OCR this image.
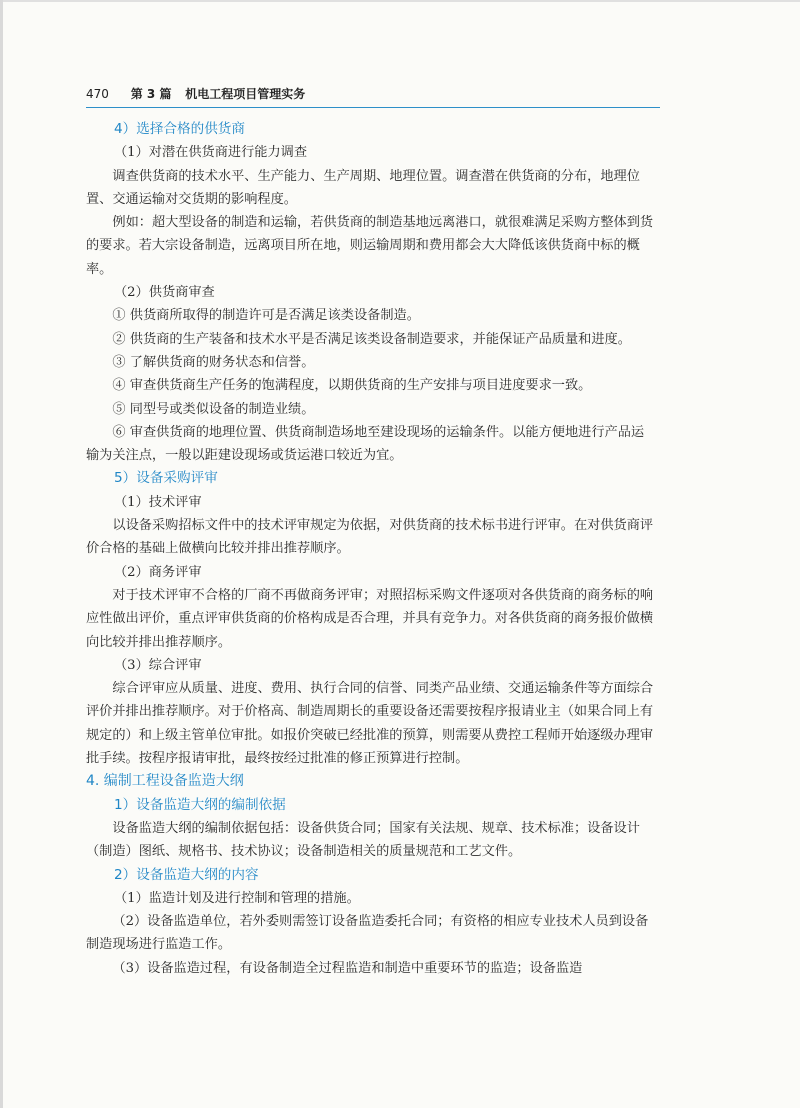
470 第 3 篇 机电工程项目管理实务

4）选择合格的供货商

（1）对潜在供货商进行能力调查

调查供货商的技术水平、生产能力、生产周期、地理位置。调查潜在供货商的分布，地理位置、交通运输对交货期的影响程度。

例如：超大型设备的制造和运输，若供货商的制造基地远离港口，就很难满足采购方整体到货的要求。若大宗设备制造，远离项目所在地，则运输周期和费用都会大大降低该供货商中标的概率。

（2）供货商审查

① 供货商所取得的制造许可是否满足该类设备制造。

② 供货商的生产装备和技术水平是否满足该类设备制造要求，并能保证产品质量和进度。

③ 了解供货商的财务状态和信誉。

④ 审查供货商生产任务的饱满程度，以期供货商的生产安排与项目进度要求一致。

⑤ 同型号或类似设备的制造业绩。

⑥ 审查供货商的地理位置、供货商制造场地至建设现场的运输条件。以能方便地进行产品运输为关注点，一般以距建设现场或货运港口较近为宜。

5）设备采购评审

（1）技术评审

以设备采购招标文件中的技术评审规定为依据，对供货商的技术标书进行评审。在对供货商评价合格的基础上做横向比较并排出推荐顺序。

（2）商务评审

对于技术评审不合格的厂商不再做商务评审；对照招标采购文件逐项对各供货商的商务标的响应性做出评价，重点评审供货商的价格构成是否合理，并具有竞争力。对各供货商的商务报价做横向比较并排出推荐顺序。

（3）综合评审

综合评审应从质量、进度、费用、执行合同的信誉、同类产品业绩、交通运输条件等方面综合评价并排出推荐顺序。对于价格高、制造周期长的重要设备还需要按程序报请业主（如果合同上有规定的）和上级主管单位审批。如报价突破已经批准的预算，则需要从费控工程师开始逐级办理审批手续。按程序报请审批，最终按经过批准的修正预算进行控制。

4. 编制工程设备监造大纲

1）设备监造大纲的编制依据

设备监造大纲的编制依据包括：设备供货合同；国家有关法规、规章、技术标准；设备设计（制造）图纸、规格书、技术协议；设备制造相关的质量规范和工艺文件。

2）设备监造大纲的内容

（1）监造计划及进行控制和管理的措施。

（2）设备监造单位，若外委则需签订设备监造委托合同；有资格的相应专业技术人员到设备制造现场进行监造工作。

（3）设备监造过程，有设备制造全过程监造和制造中重要环节的监造；设备监造
